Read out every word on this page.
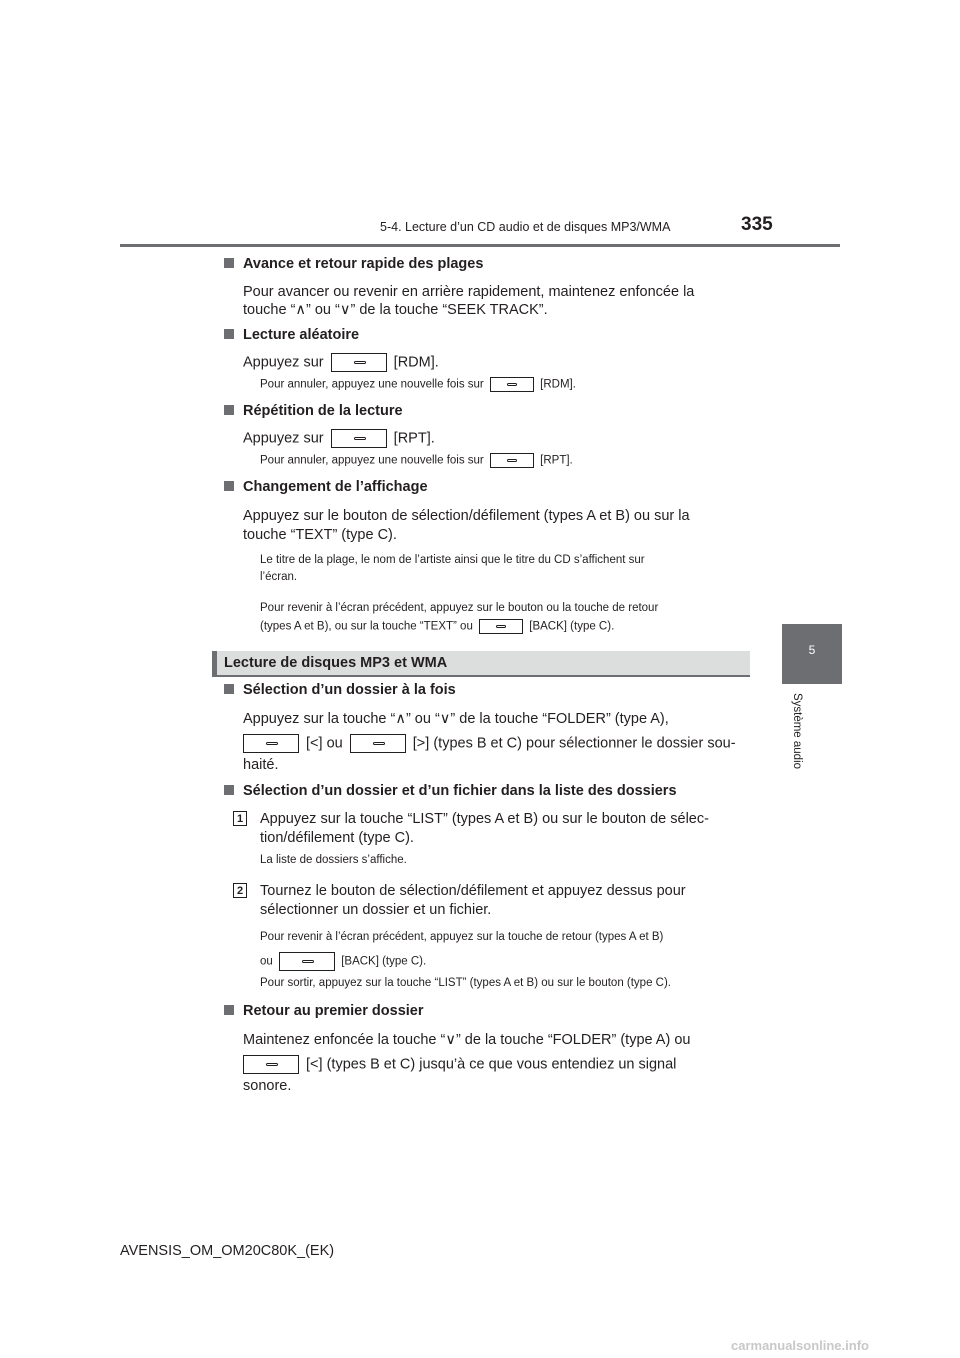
5-4. Lecture d’un CD audio et de disques MP3/WMA	335
5
Système audio
Avance et retour rapide des plages
Pour avancer ou revenir en arrière rapidement, maintenez enfoncée la
touche “∧” ou “∨” de la touche “SEEK TRACK”.
Lecture aléatoire
Appuyez sur	[RDM].
Pour annuler, appuyez une nouvelle fois sur	[RDM].
Répétition de la lecture
Appuyez sur	[RPT].
Pour annuler, appuyez une nouvelle fois sur	[RPT].
Changement de l’affichage
Appuyez sur le bouton de sélection/défilement (types A et B) ou sur la
touche “TEXT” (type C).
Le titre de la plage, le nom de l’artiste ainsi que le titre du CD s’affichent sur
l’écran.
Pour revenir à l’écran précédent, appuyez sur le bouton ou la touche de retour
(types A et B), ou sur la touche “TEXT” ou	[BACK] (type C).
Lecture de disques MP3 et WMA
Sélection d’un dossier à la fois
Appuyez sur la touche “∧” ou “∨” de la touche “FOLDER” (type A),
[<] ou	[>] (types B et C) pour sélectionner le dossier sou-
haité.
Sélection d’un dossier et d’un fichier dans la liste des dossiers
1 Appuyez sur la touche “LIST” (types A et B) ou sur le bouton de sélec-
tion/défilement (type C).
La liste de dossiers s’affiche.
2 Tournez le bouton de sélection/défilement et appuyez dessus pour
sélectionner un dossier et un fichier.
Pour revenir à l’écran précédent, appuyez sur la touche de retour (types A et B)
ou	[BACK] (type C).
Pour sortir, appuyez sur la touche “LIST” (types A et B) ou sur le bouton (type C).
Retour au premier dossier
Maintenez enfoncée la touche “∨” de la touche “FOLDER” (type A) ou
[<] (types B et C) jusqu’à ce que vous entendiez un signal
sonore.
AVENSIS_OM_OM20C80K_(EK)
carmanualsonline.info
